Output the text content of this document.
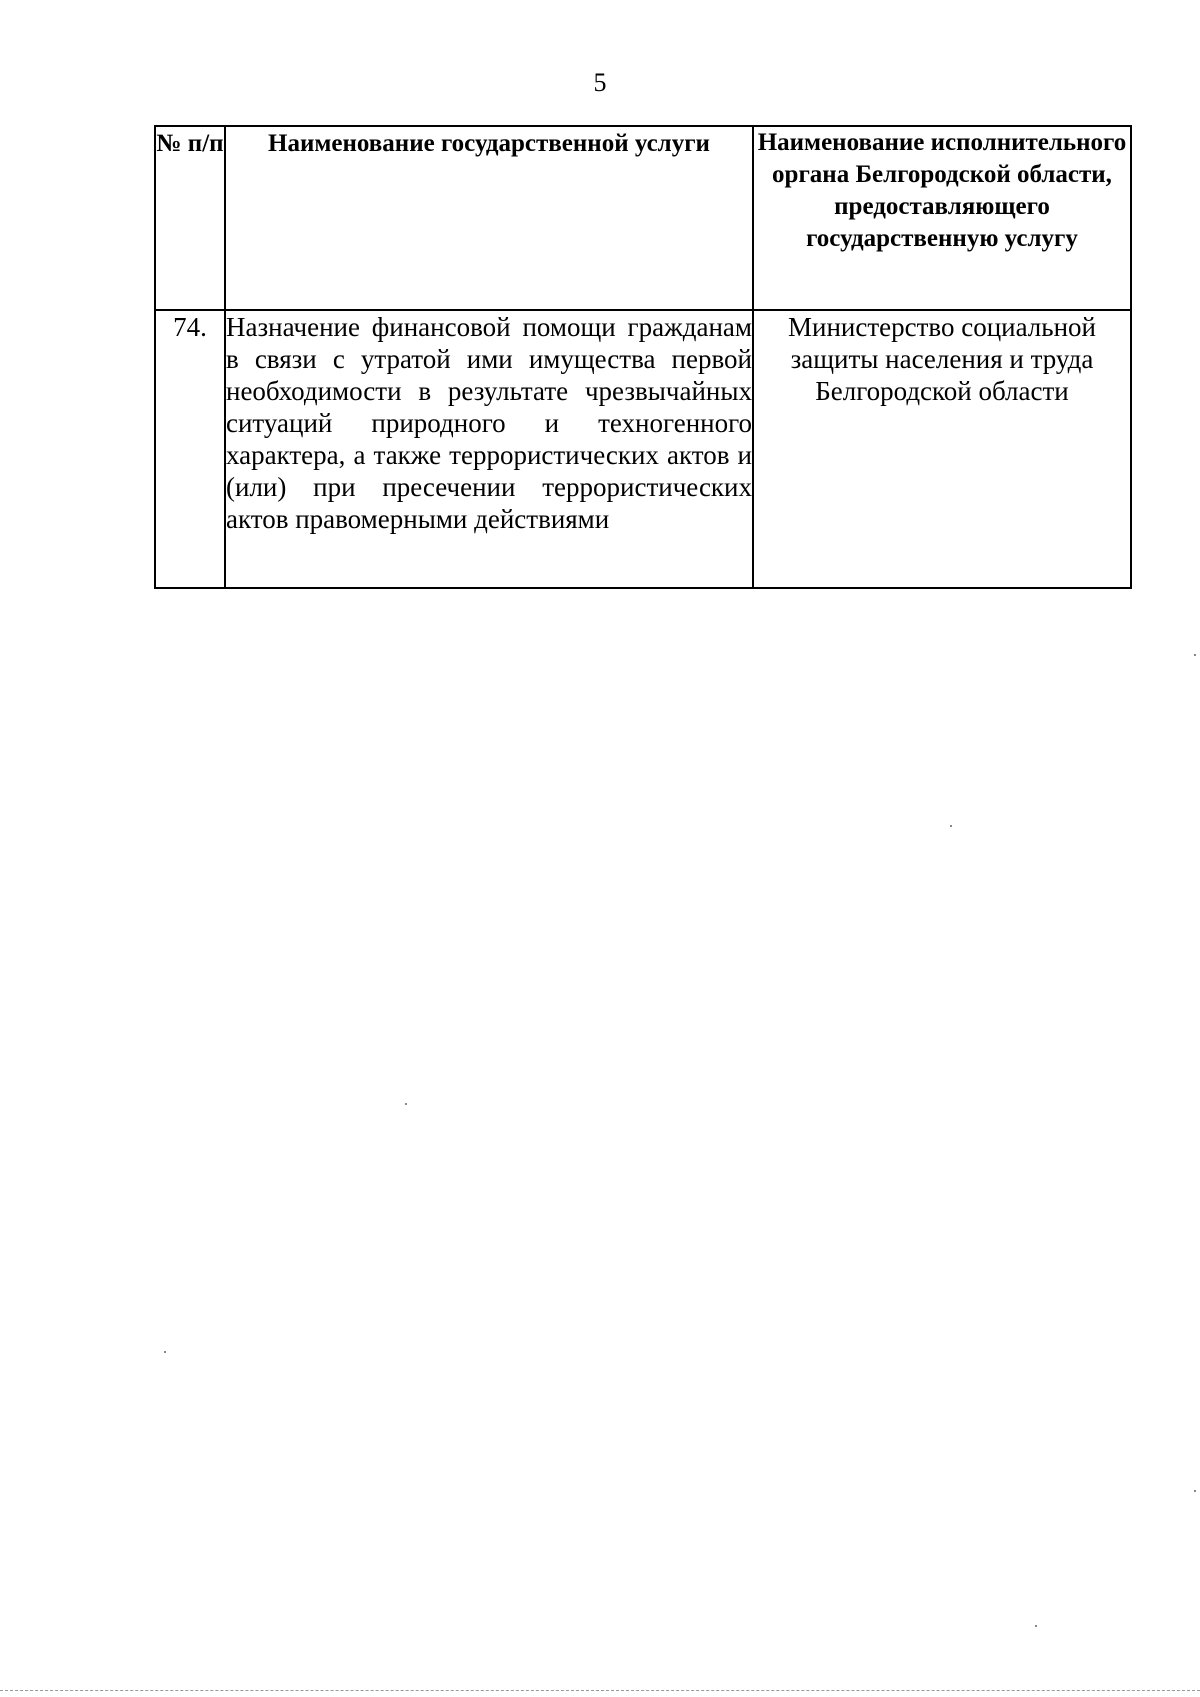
5
№ п/п	Наименование государственной услуги	Наименование исполнительного органа Белгородской области, предоставляющего государственную услугу
74.	Назначение финансовой помощи гражданам в связи с утратой ими имущества первой необходимости в результате чрезвычайных ситуаций природного и техногенного характера, а также террористических актов и (или) при пресечении террористических актов правомерными действиями	Министерство социальной защиты населения и труда Белгородской области
